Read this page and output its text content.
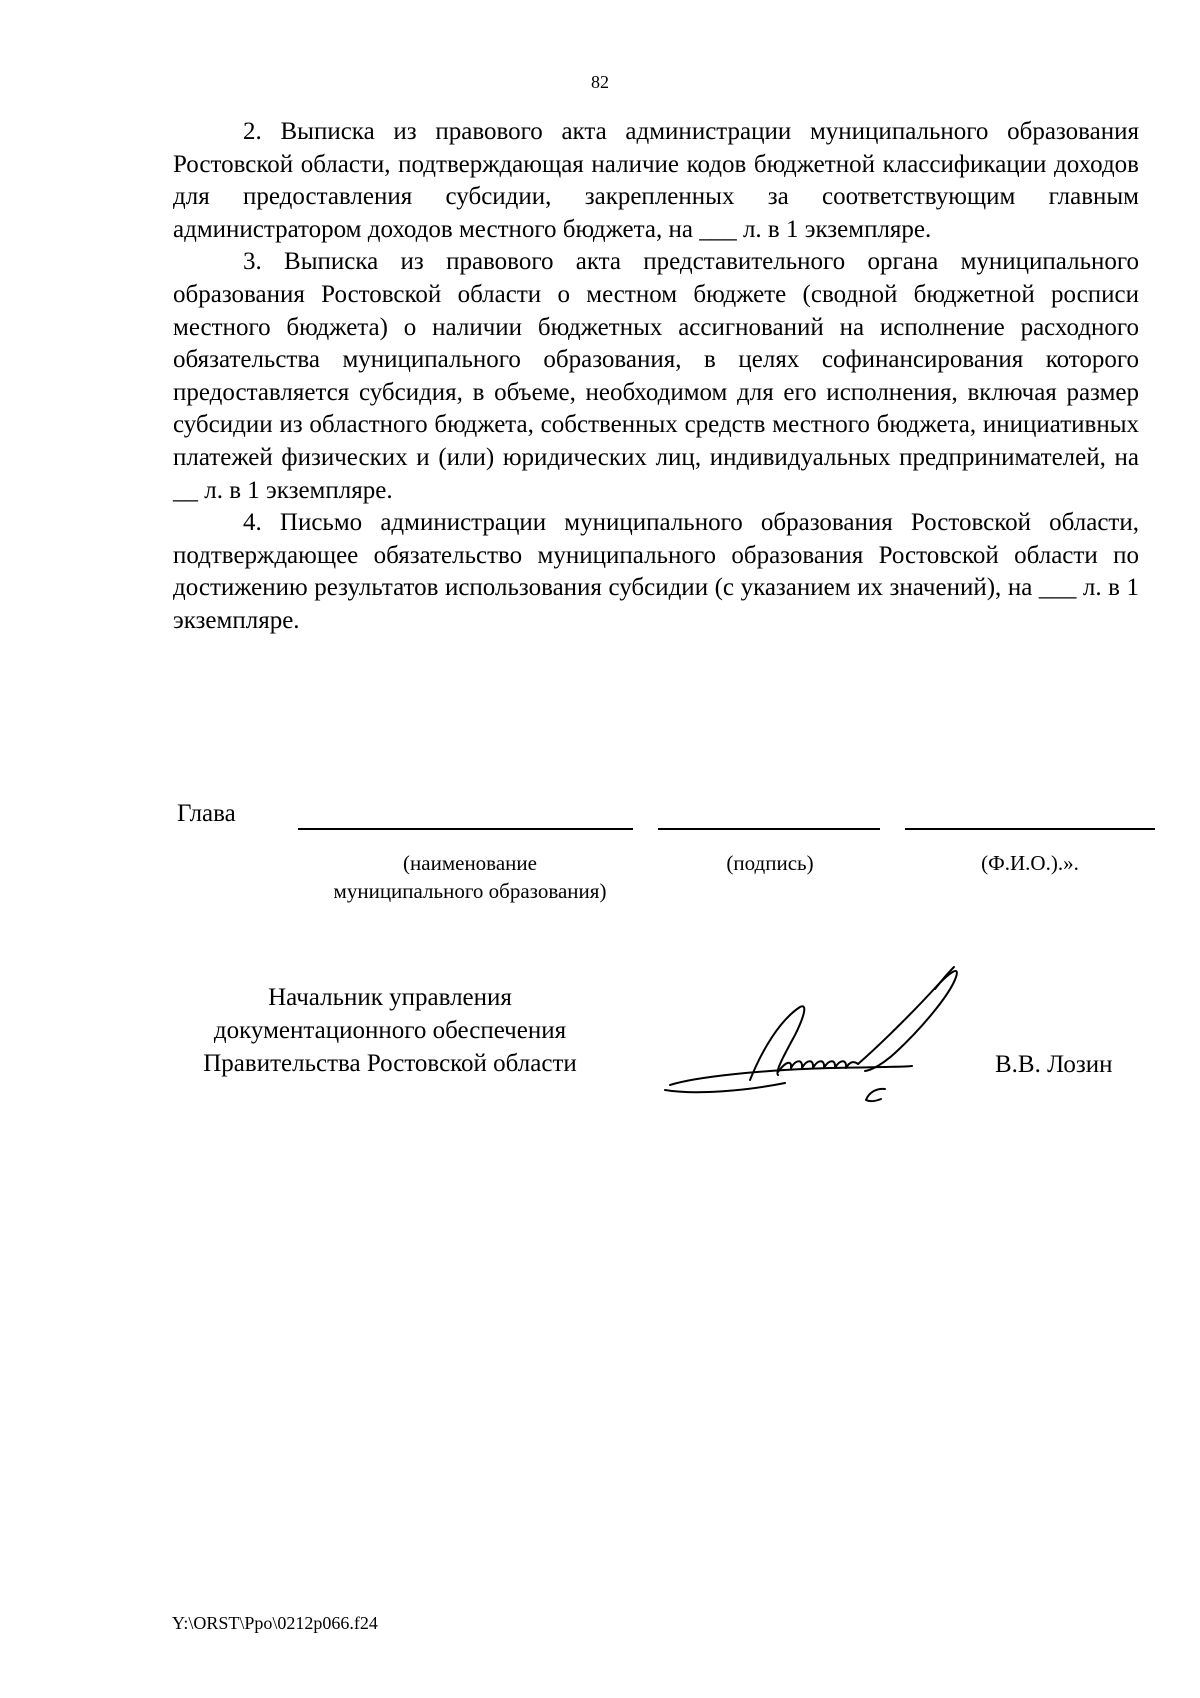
82

2. Выписка из правового акта администрации муниципального образования Ростовской области, подтверждающая наличие кодов бюджетной классификации доходов для предоставления субсидии, закрепленных за соответствующим главным администратором доходов местного бюджета, на ___ л. в 1 экземпляре.

3. Выписка из правового акта представительного органа муниципального образования Ростовской области о местном бюджете (сводной бюджетной росписи местного бюджета) о наличии бюджетных ассигнований на исполнение расходного обязательства муниципального образования, в целях софинансирования которого предоставляется субсидия, в объеме, необходимом для его исполнения, включая размер субсидии из областного бюджета, собственных средств местного бюджета, инициативных платежей физических и (или) юридических лиц, индивидуальных предпринимателей, на __ л. в 1 экземпляре.

4. Письмо администрации муниципального образования Ростовской области, подтверждающее обязательство муниципального образования Ростовской области по достижению результатов использования субсидии (с указанием их значений), на ___ л. в 1 экземпляре.

Глава
(наименование
муниципального образования)
(подпись)	(Ф.И.О.).».
Начальник управления
документационного обеспечения
Правительства Ростовской области	В.В. Лозин
Y:\ORST\Ppo\0212p066.f24
